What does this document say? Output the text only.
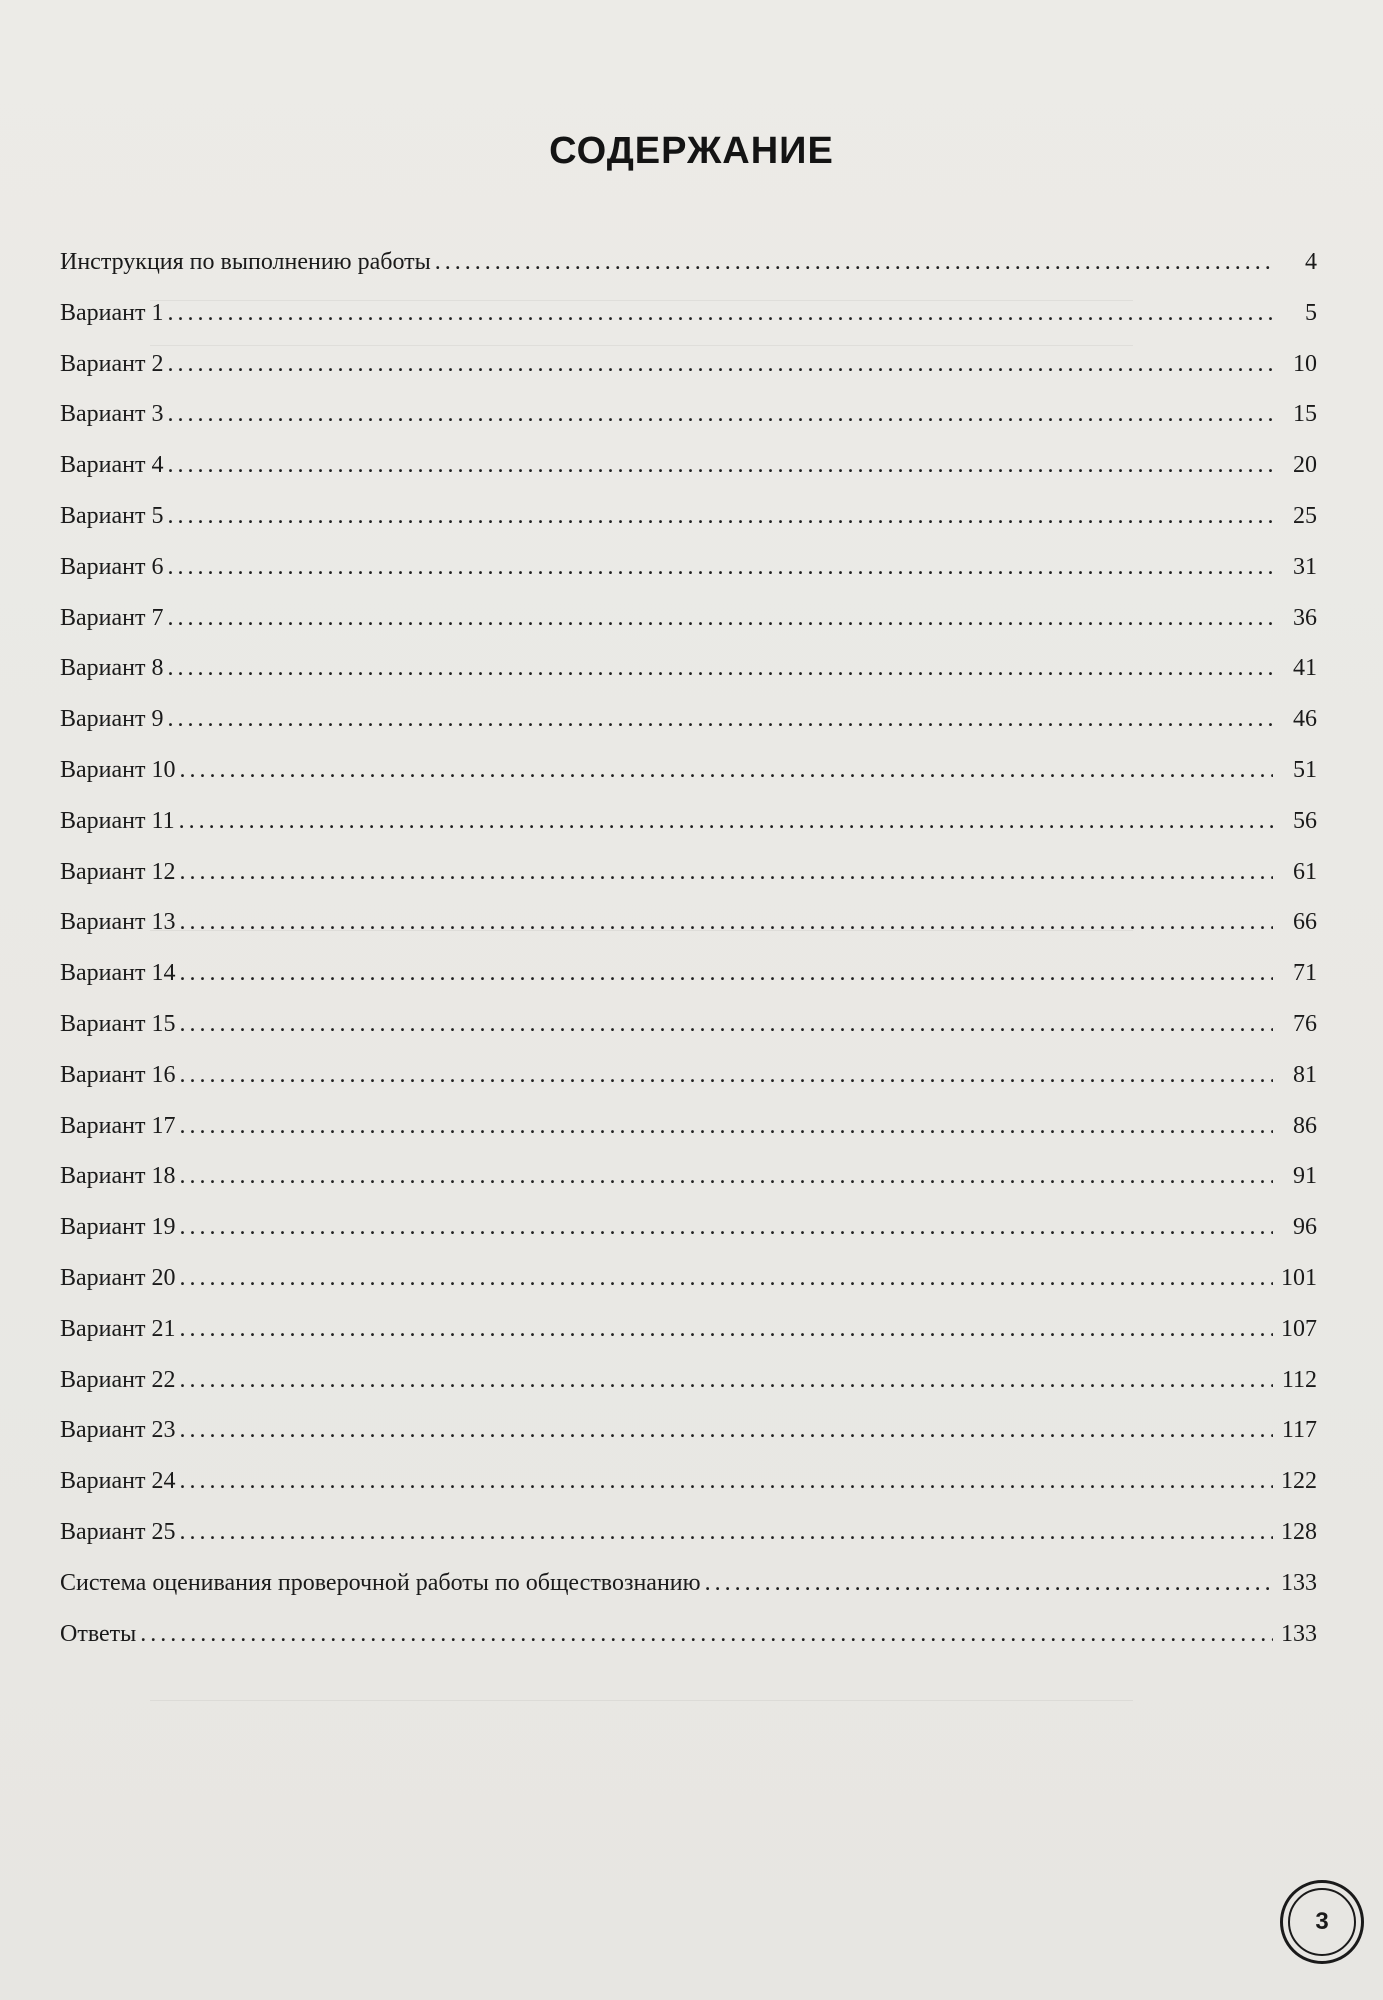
СОДЕРЖАНИЕ
Инструкция по выполнению работы . . .	4
Вариант 1 . . .	5
Вариант 2 . . .	10
Вариант 3 . . .	15
Вариант 4 . . .	20
Вариант 5 . . .	25
Вариант 6 . . .	31
Вариант 7 . . .	36
Вариант 8 . . .	41
Вариант 9 . . .	46
Вариант 10 . . .	51
Вариант 11 . . .	56
Вариант 12 . . .	61
Вариант 13 . . .	66
Вариант 14 . . .	71
Вариант 15 . . .	76
Вариант 16 . . .	81
Вариант 17 . . .	86
Вариант 18 . . .	91
Вариант 19 . . .	96
Вариант 20 . . .	101
Вариант 21 . . .	107
Вариант 22 . . .	112
Вариант 23 . . .	117
Вариант 24 . . .	122
Вариант 25 . . .	128
Система оценивания проверочной работы по обществознанию . . .	133
Ответы . . .	133
3
